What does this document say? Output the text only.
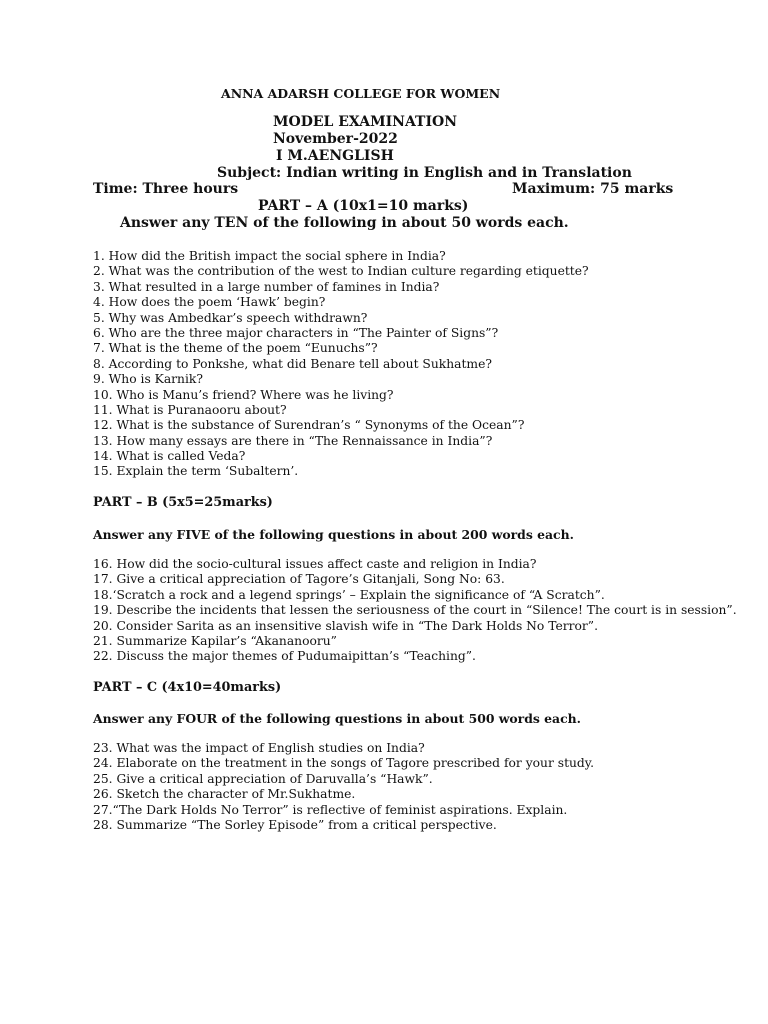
ANNA ADARSH COLLEGE FOR WOMEN
MODEL EXAMINATION
November-2022
I M.AENGLISH
Subject: Indian writing in English and in Translation
Time: Three hours	Maximum: 75 marks
PART – A (10x1=10 marks)
Answer any TEN of the following in about 50 words each.
1. How did the British impact the social sphere in India?
2. What was the contribution of the west to Indian culture regarding etiquette?
3. What resulted in a large number of famines in India?
4. How does the poem ‘Hawk’ begin?
5. Why was Ambedkar’s speech withdrawn?
6. Who are the three major characters in “The Painter of Signs”?
7. What is the theme of the poem “Eunuchs”?
8. According to Ponkshe, what did Benare tell about Sukhatme?
9. Who is Karnik?
10. Who is Manu’s friend? Where was he living?
11. What is Puranaooru about?
12. What is the substance of Surendran’s “ Synonyms of the Ocean”?
13. How many essays are there in “The Rennaissance in India”?
14. What is called Veda?
15. Explain the term ‘Subaltern’.
PART – B (5x5=25marks)
Answer any FIVE of the following questions in about 200 words each.
16. How did the socio-cultural issues affect caste and religion in India?
17. Give a critical appreciation of Tagore’s Gitanjali, Song No: 63.
18.‘Scratch a rock and a legend springs’ – Explain the significance of “A Scratch”.
19. Describe the incidents that lessen the seriousness of the court in “Silence! The court is in session”.
20. Consider Sarita as an insensitive slavish wife in “The Dark Holds No Terror”.
21. Summarize Kapilar’s “Akananooru”
22. Discuss the major themes of Pudumaipittan’s “Teaching”.
PART – C (4x10=40marks)
Answer any FOUR of the following questions in about 500 words each.
23. What was the impact of English studies on India?
24. Elaborate on the treatment in the songs of Tagore prescribed for your study.
25. Give a critical appreciation of Daruvalla’s “Hawk”.
26. Sketch the character of Mr.Sukhatme.
27.“The Dark Holds No Terror” is reflective of feminist aspirations. Explain.
28. Summarize “The Sorley Episode” from a critical perspective.
